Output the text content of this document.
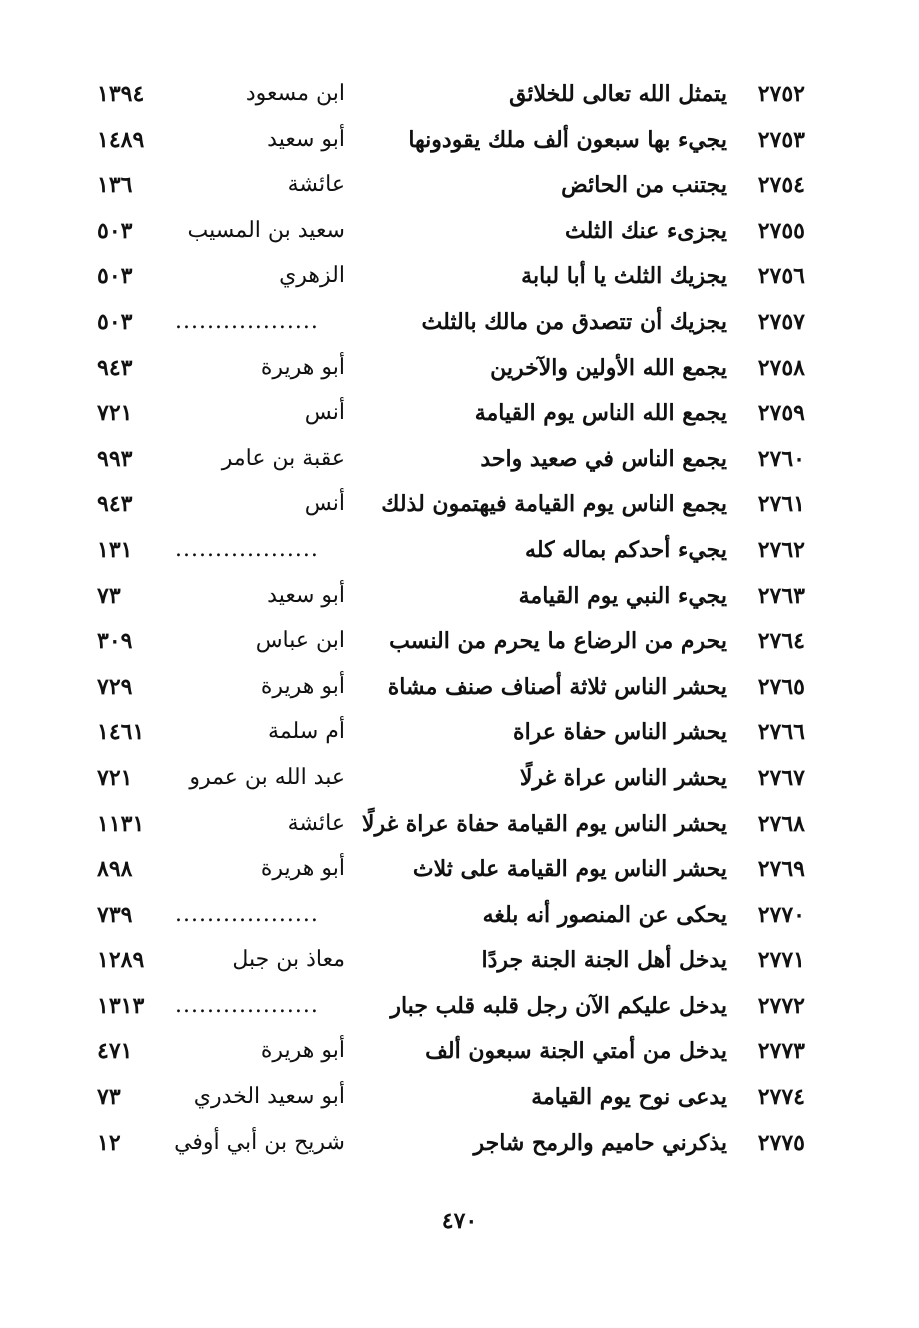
٢٧٥٢
يتمثل الله تعالى للخلائق
ابن مسعود
١٣٩٤
٢٧٥٣
يجيء بها سبعون ألف ملك يقودونها
أبو سعيد
١٤٨٩
٢٧٥٤
يجتنب من الحائض
عائشة
١٣٦
٢٧٥٥
يجزىء عنك الثلث
سعيد بن المسيب
٥٠٣
٢٧٥٦
يجزيك الثلث يا أبا لبابة
الزهري
٥٠٣
٢٧٥٧
يجزيك أن تتصدق من مالك بالثلث
..................
٥٠٣
٢٧٥٨
يجمع الله الأولين والآخرين
أبو هريرة
٩٤٣
٢٧٥٩
يجمع الله الناس يوم القيامة
أنس
٧٢١
٢٧٦٠
يجمع الناس في صعيد واحد
عقبة بن عامر
٩٩٣
٢٧٦١
يجمع الناس يوم القيامة فيهتمون لذلك
أنس
٩٤٣
٢٧٦٢
يجيء أحدكم بماله كله
..................
١٣١
٢٧٦٣
يجيء النبي يوم القيامة
أبو سعيد
٧٣
٢٧٦٤
يحرم من الرضاع ما يحرم من النسب
ابن عباس
٣٠٩
٢٧٦٥
يحشر الناس ثلاثة أصناف صنف مشاة
أبو هريرة
٧٢٩
٢٧٦٦
يحشر الناس حفاة عراة
أم سلمة
١٤٦١
٢٧٦٧
يحشر الناس عراة غرلًا
عبد الله بن عمرو
٧٢١
٢٧٦٨
يحشر الناس يوم القيامة حفاة عراة غرلًا
عائشة
١١٣١
٢٧٦٩
يحشر الناس يوم القيامة على ثلاث
أبو هريرة
٨٩٨
٢٧٧٠
يحكى عن المنصور أنه بلغه
..................
٧٣٩
٢٧٧١
يدخل أهل الجنة الجنة جردًا
معاذ بن جبل
١٢٨٩
٢٧٧٢
يدخل عليكم الآن رجل قلبه قلب جبار
..................
١٣١٣
٢٧٧٣
يدخل من أمتي الجنة سبعون ألف
أبو هريرة
٤٧١
٢٧٧٤
يدعى نوح يوم القيامة
أبو سعيد الخدري
٧٣
٢٧٧٥
يذكرني حاميم والرمح شاجر
شريح بن أبي أوفي
١٢
٤٧٠
